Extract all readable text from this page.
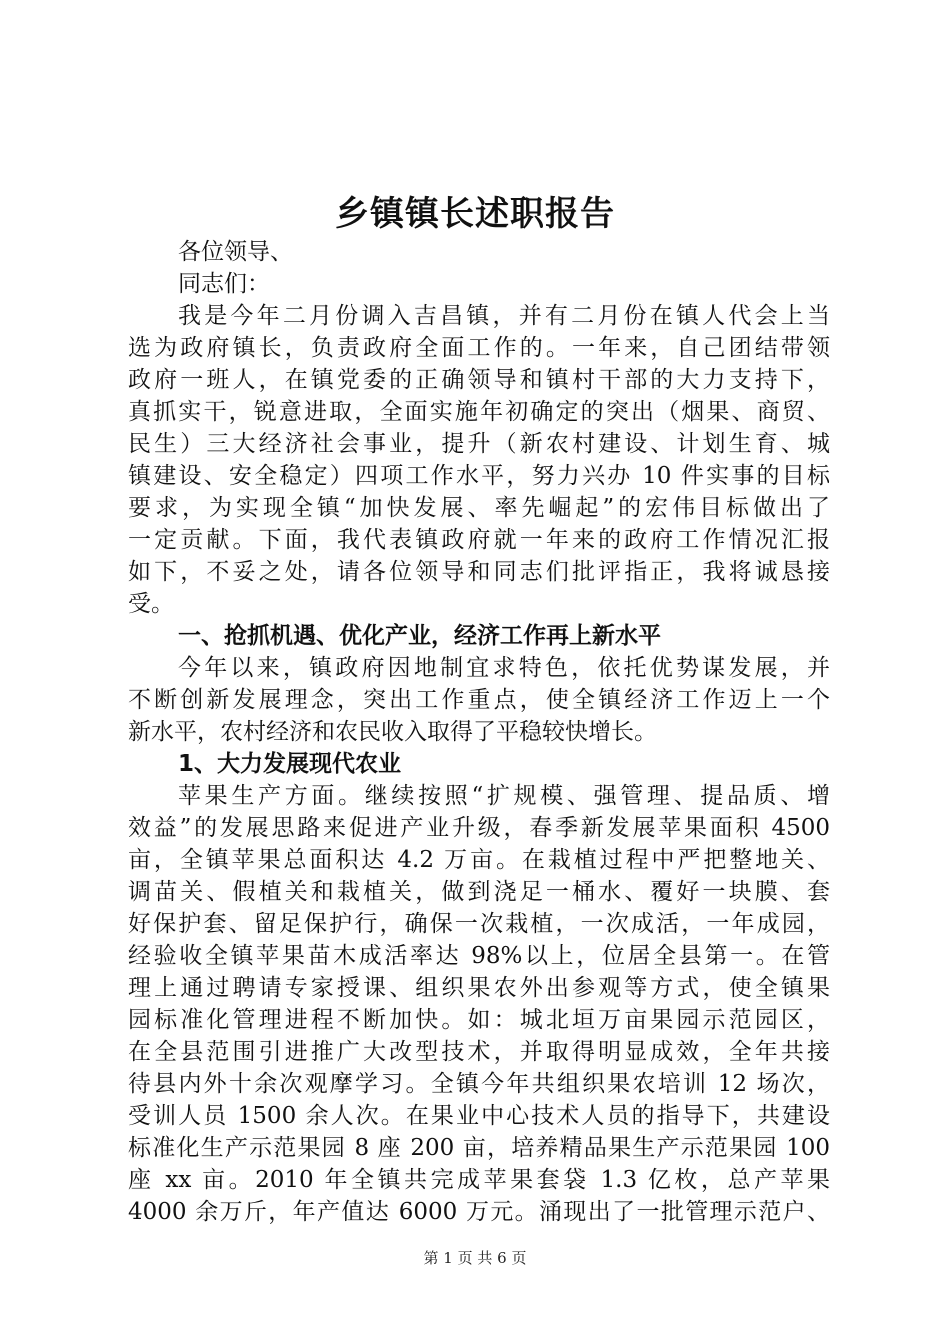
乡镇镇长述职报告
各位领导、
同志们：
我是今年二月份调入吉昌镇，并有二月份在镇人代会上当
选为政府镇长，负责政府全面工作的。一年来，自己团结带领
政府一班人，在镇党委的正确领导和镇村干部的大力支持下，
真抓实干，锐意进取，全面实施年初确定的突出（烟果、商贸、
民生）三大经济社会事业，提升（新农村建设、计划生育、城
镇建设、安全稳定）四项工作水平，努力兴办 10 件实事的目标
要求，为实现全镇“加快发展、率先崛起”的宏伟目标做出了
一定贡献。下面，我代表镇政府就一年来的政府工作情况汇报
如下，不妥之处，请各位领导和同志们批评指正，我将诚恳接
受。
一、抢抓机遇、优化产业，经济工作再上新水平
今年以来，镇政府因地制宜求特色，依托优势谋发展，并
不断创新发展理念，突出工作重点，使全镇经济工作迈上一个
新水平，农村经济和农民收入取得了平稳较快增长。
1、大力发展现代农业
苹果生产方面。继续按照“扩规模、强管理、提品质、增
效益”的发展思路来促进产业升级，春季新发展苹果面积 4500
亩，全镇苹果总面积达 4.2 万亩。在栽植过程中严把整地关、
调苗关、假植关和栽植关，做到浇足一桶水、覆好一块膜、套
好保护套、留足保护行，确保一次栽植，一次成活，一年成园，
经验收全镇苹果苗木成活率达 98%以上，位居全县第一。在管
理上通过聘请专家授课、组织果农外出参观等方式，使全镇果
园标准化管理进程不断加快。如：城北垣万亩果园示范园区，
在全县范围引进推广大改型技术，并取得明显成效，全年共接
待县内外十余次观摩学习。全镇今年共组织果农培训 12 场次，
受训人员 1500 余人次。在果业中心技术人员的指导下，共建设
标准化生产示范果园 8 座 200 亩，培养精品果生产示范果园 100
座 xx 亩。2010 年全镇共完成苹果套袋 1.3 亿枚，总产苹果
4000 余万斤，年产值达 6000 万元。涌现出了一批管理示范户、
第 1 页 共 6 页
